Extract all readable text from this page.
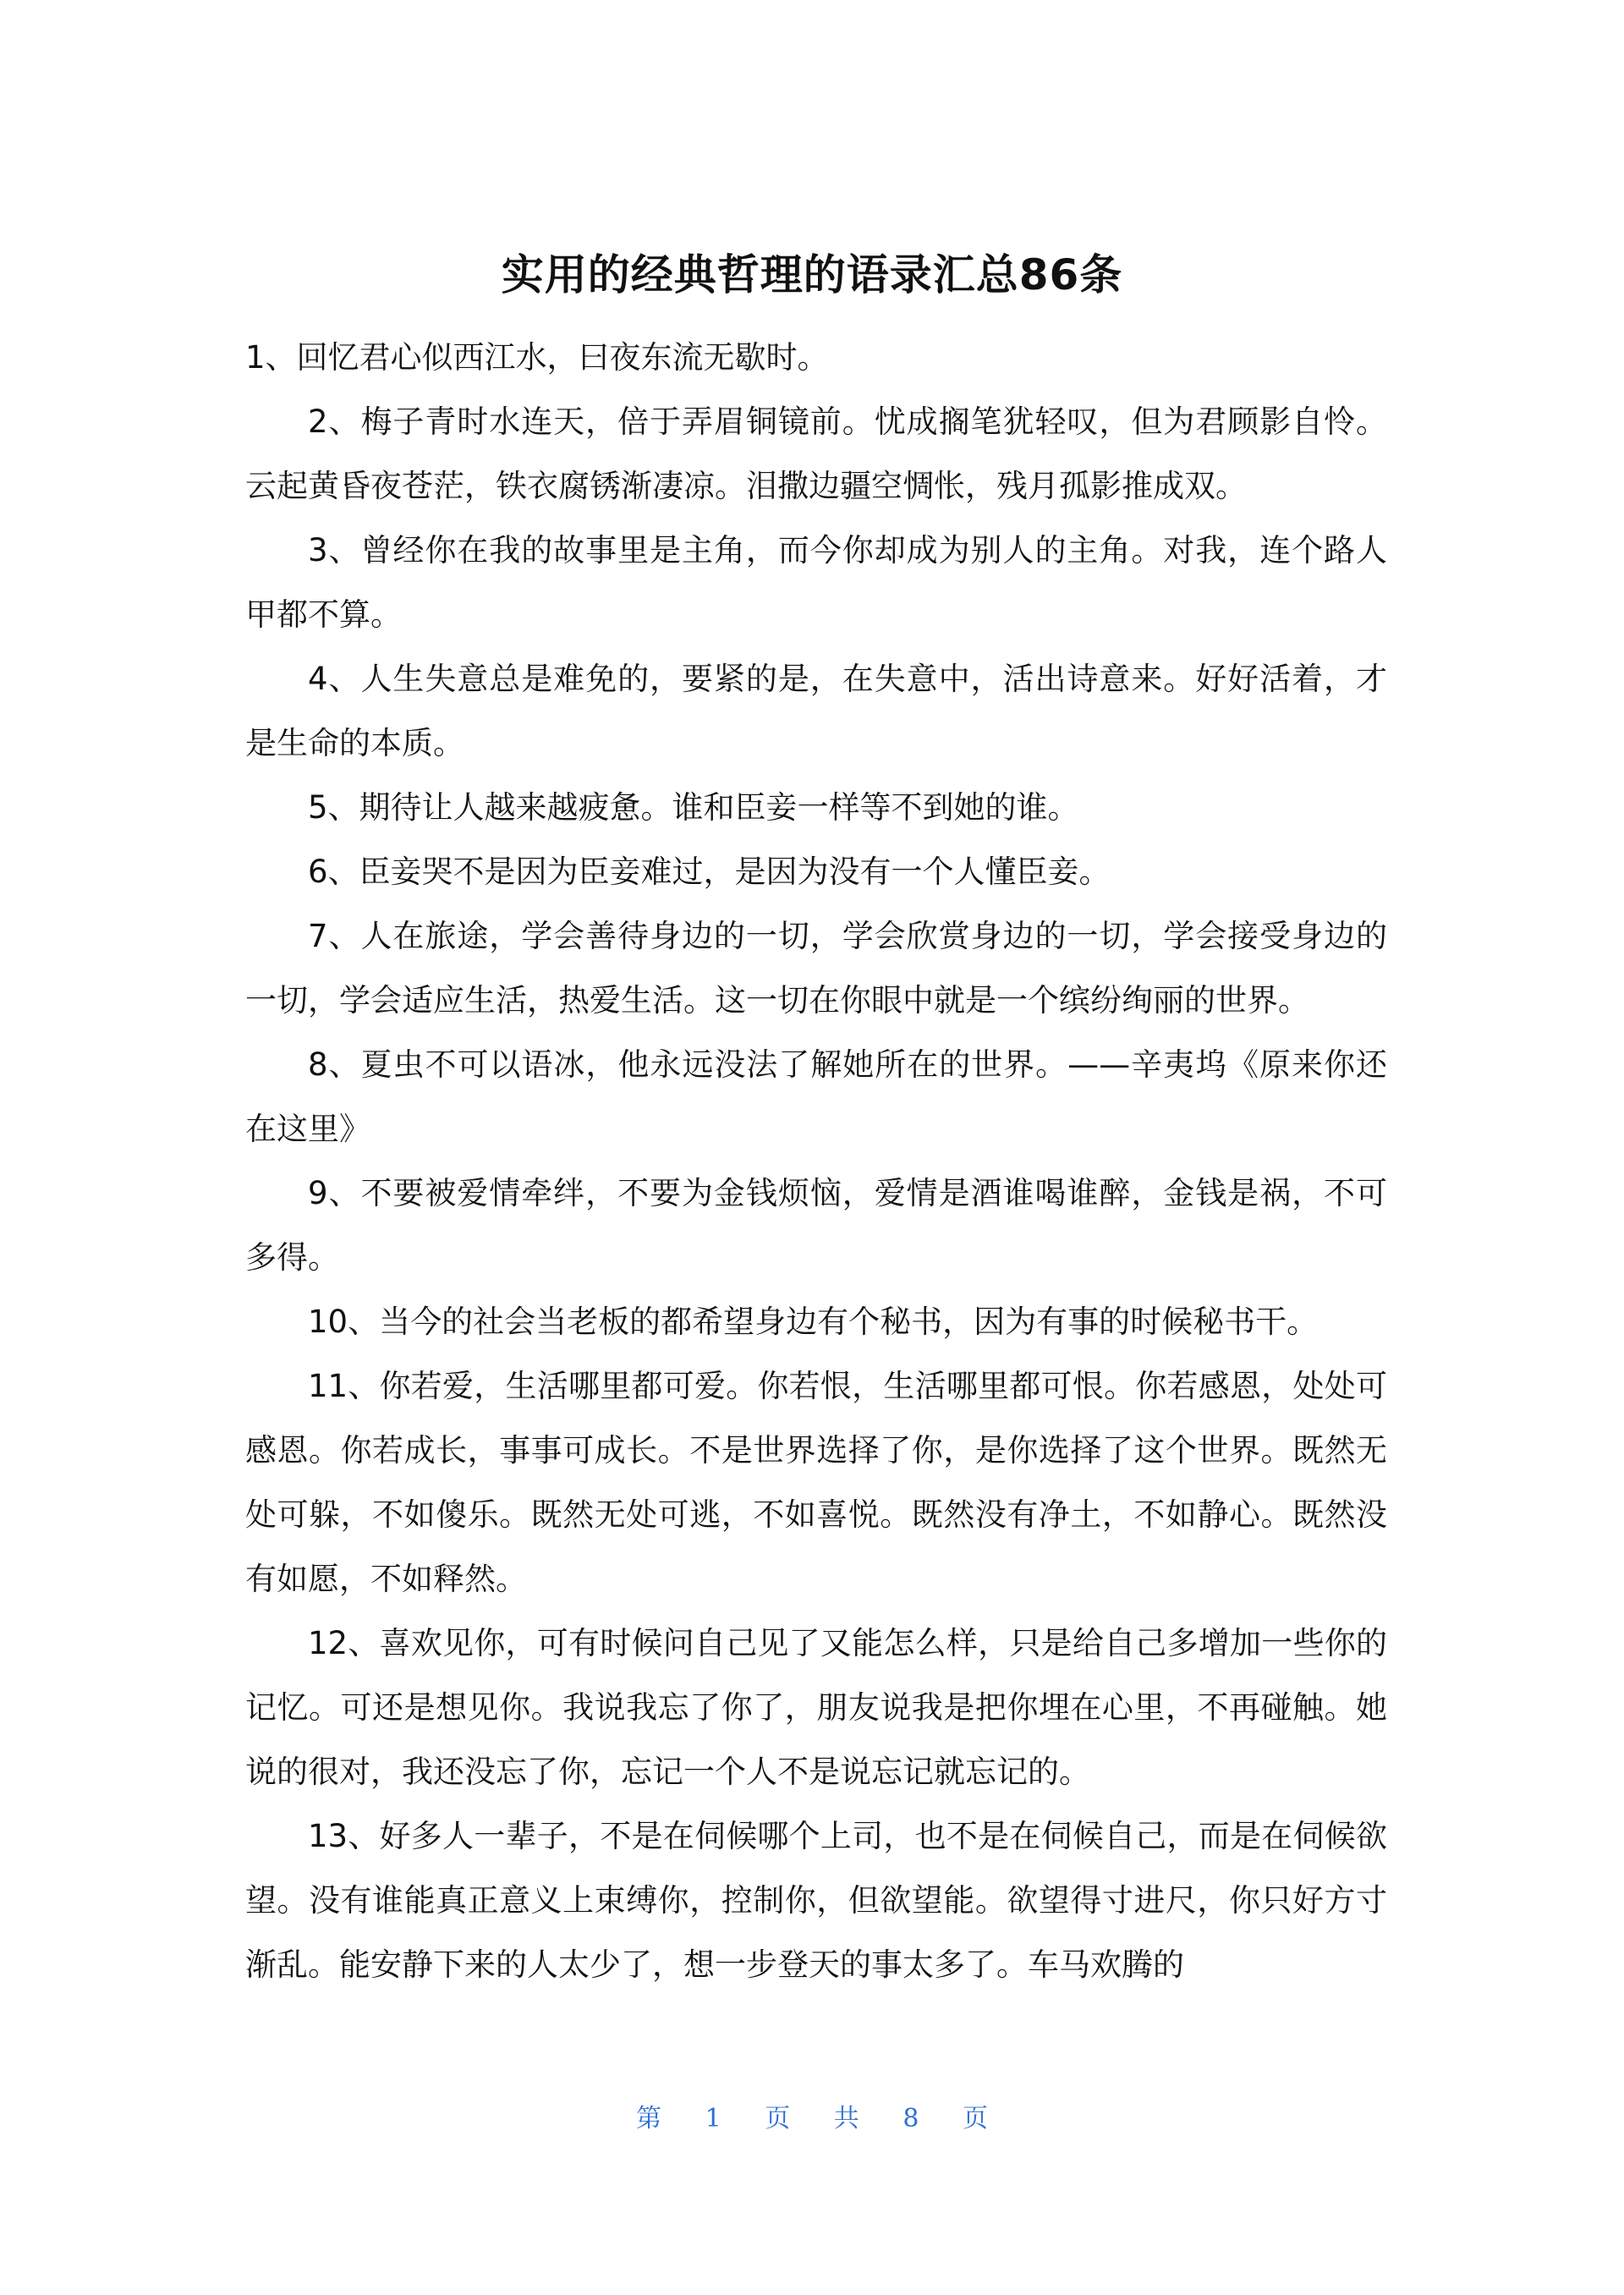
实用的经典哲理的语录汇总86条

1、回忆君心似西江水，曰夜东流无歇时。

2、梅子青时水连天，倍于弄眉铜镜前。忧成搁笔犹轻叹，但为君顾影自怜。云起黄昏夜苍茫，铁衣腐锈渐凄凉。泪撒边疆空惆怅，残月孤影推成双。

3、曾经你在我的故事里是主角，而今你却成为别人的主角。对我，连个路人甲都不算。

4、人生失意总是难免的，要紧的是，在失意中，活出诗意来。好好活着，才是生命的本质。

5、期待让人越来越疲惫。谁和臣妾一样等不到她的谁。

6、臣妾哭不是因为臣妾难过，是因为没有一个人懂臣妾。

7、人在旅途，学会善待身边的一切，学会欣赏身边的一切，学会接受身边的一切，学会适应生活，热爱生活。这一切在你眼中就是一个缤纷绚丽的世界。

8、夏虫不可以语冰，他永远没法了解她所在的世界。——辛夷坞《原来你还在这里》

9、不要被爱情牵绊，不要为金钱烦恼，爱情是酒谁喝谁醉，金钱是祸，不可多得。

10、当今的社会当老板的都希望身边有个秘书，因为有事的时候秘书干。

11、你若爱，生活哪里都可爱。你若恨，生活哪里都可恨。你若感恩，处处可感恩。你若成长，事事可成长。不是世界选择了你，是你选择了这个世界。既然无处可躲，不如傻乐。既然无处可逃，不如喜悦。既然没有净土，不如静心。既然没有如愿，不如释然。

12、喜欢见你，可有时候问自己见了又能怎么样，只是给自己多增加一些你的记忆。可还是想见你。我说我忘了你了，朋友说我是把你埋在心里，不再碰触。她说的很对，我还没忘了你，忘记一个人不是说忘记就忘记的。

13、好多人一辈子，不是在伺候哪个上司，也不是在伺候自己，而是在伺候欲望。没有谁能真正意义上束缚你，控制你，但欲望能。欲望得寸进尺，你只好方寸渐乱。能安静下来的人太少了，想一步登天的事太多了。车马欢腾的

第 1 页 共 8 页
